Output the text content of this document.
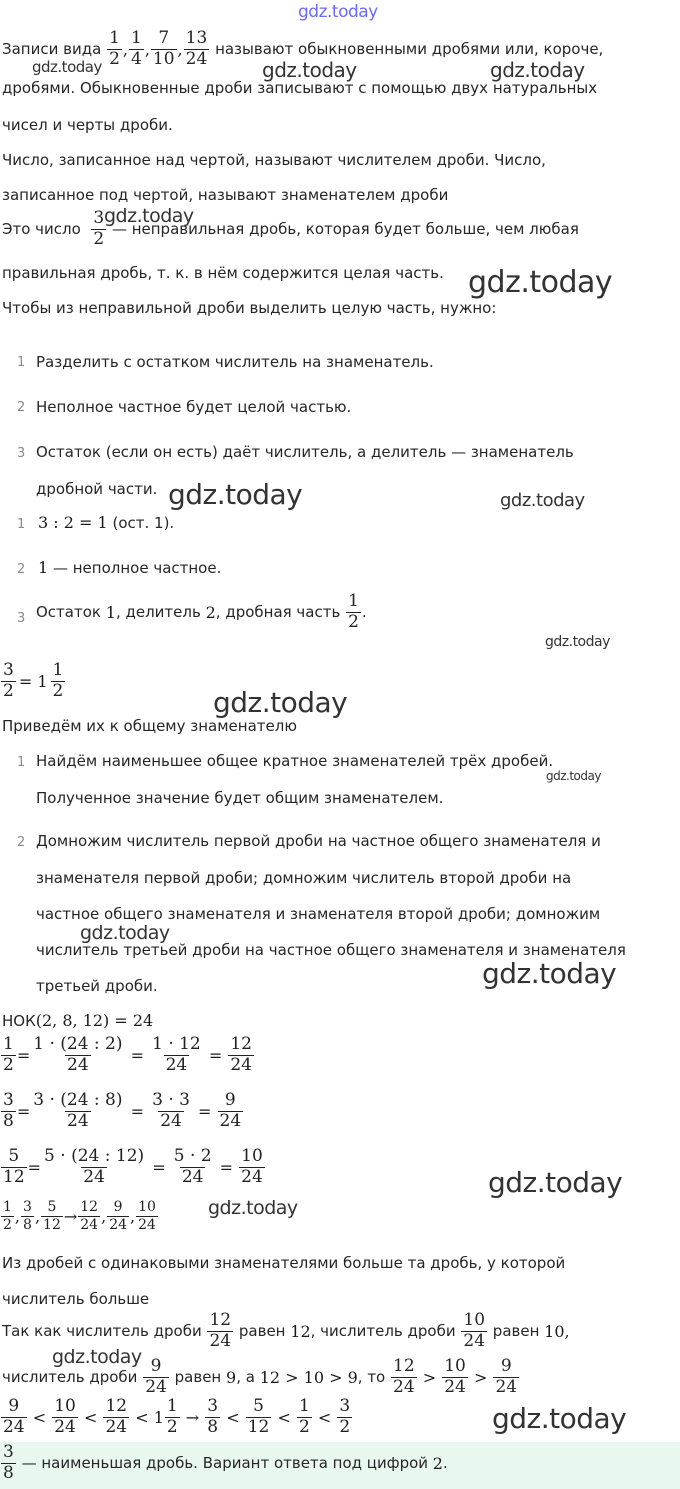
gdz.today
gdz.today	gdz.today	gdz.today
gdz.today
gdz.today
gdz.today	gdz.today
gdz.today
gdz.today
gdz.today
gdz.today
gdz.today
gdz.today
gdz.today
gdz.today
gdz.today
Записи вида
$\frac{1}{2}$ , $\frac{1}{4}$ , $\frac{7}{10}$ , $\frac{13}{24}$
называют обыкновенными дробями или, короче,
дробями. Обыкновенные дроби записывают с помощью двух натуральных
чисел и черты дроби.
Число, записанное над чертой, называют числителем дроби. Число,
записанное под чертой, называют знаменателем дроби
Это число
$\frac{3}{2}$
— неправильная дробь, которая будет больше, чем любая
правильная дробь, т. к. в нём содержится целая часть.
Чтобы из неправильной дроби выделить целую часть, нужно:
1 Разделить с остатком числитель на знаменатель.
2 Неполное частное будет целой частью.
3 Остаток (если он есть) даёт числитель, а делитель — знаменатель
дробной части.
1 3 : 2 = 1 (ост. 1).
2 1 — неполное частное.
3 Остаток
1 , делитель
2 , дробная часть
$\frac{1}{2}$ .
$\frac{3}{2} = 1 \frac{1}{2}$
Приведём их к общему знаменателю
1 Найдём наименьшее общее кратное знаменателей трёх дробей.
Полученное значение будет общим знаменателем.
2 Домножим числитель первой дроби на частное общего знаменателя и
знаменателя первой дроби; домножим числитель второй дроби на
частное общего знаменателя и знаменателя второй дроби; домножим
числитель третьей дроби на частное общего знаменателя и знаменателя
третьей дроби.
НОК(2, 8, 12) = 24
$\frac{1}{2} = \frac{1 \cdot (24 : 2)}{24} = \frac{1 \cdot 12}{24} = \frac{12}{24}$
$\frac{3}{8} = \frac{3 \cdot (24 : 8)}{24} = \frac{3 \cdot 3}{24} = \frac{9}{24}$
$\frac{5}{12} = \frac{5 \cdot (24 : 12)}{24} = \frac{5 \cdot 2}{24} = \frac{10}{24}$
$\frac{1}{2}$ , $\frac{3}{8}$ , $\frac{5}{12} \to \frac{12}{24}$ , $\frac{9}{24}$ , $\frac{10}{24}$
Из дробей с одинаковыми знаменателями больше та дробь, у которой
числитель больше
Так как числитель дроби
$\frac{12}{24}$
равен
12 , числитель дроби
$\frac{10}{24}$
равен
10 ,
числитель дроби
$\frac{9}{24}$
равен
9 , а
12 > 10 > 9 , то
$\frac{12}{24} > \frac{10}{24} > \frac{9}{24}$
$\frac{9}{24} < \frac{10}{24} < \frac{12}{24} < 1 \frac{1}{2} \to \frac{3}{8} < \frac{5}{12} < \frac{1}{2} < \frac{3}{2}$
$\frac{3}{8}$
— наименьшая дробь. Вариант ответа под цифрой
2 .
